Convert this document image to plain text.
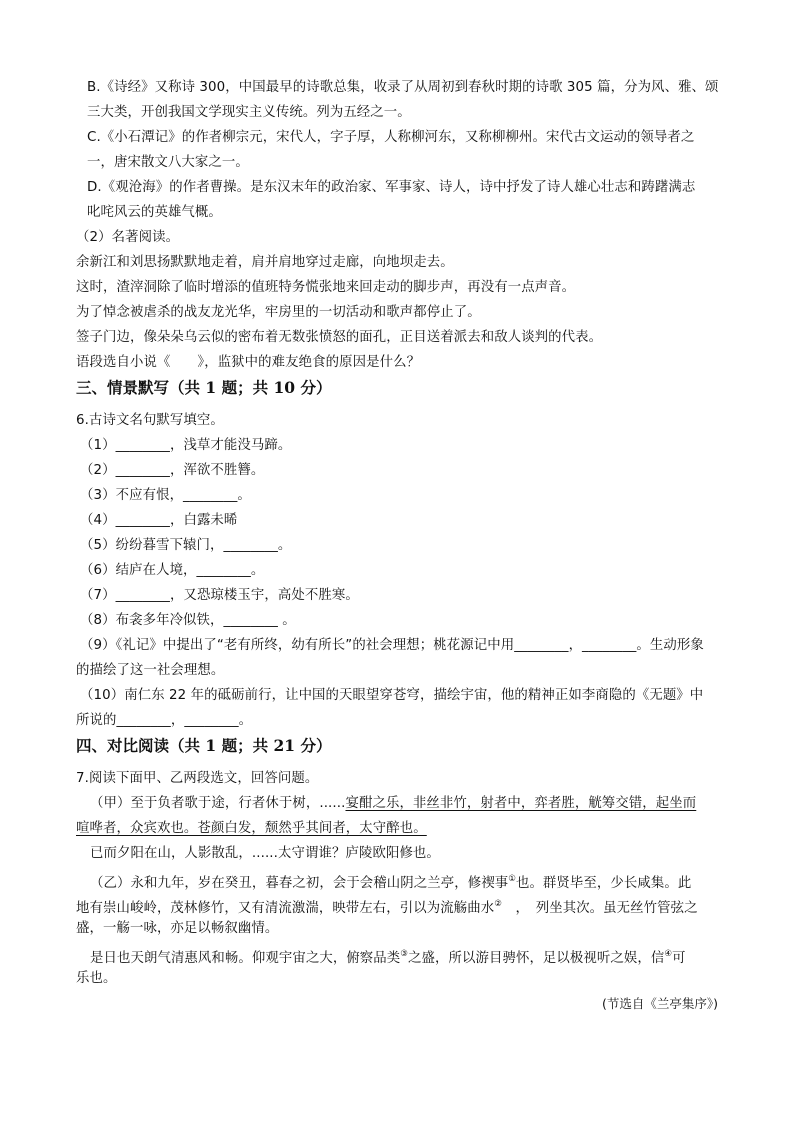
B.《诗经》又称诗 300，中国最早的诗歌总集，收录了从周初到春秋时期的诗歌 305 篇，分为风、雅、颂
三大类，开创我国文学现实主义传统。列为五经之一。
C.《小石潭记》的作者柳宗元，宋代人，字子厚，人称柳河东，又称柳柳州。宋代古文运动的领导者之
一，唐宋散文八大家之一。
D.《观沧海》的作者曹操。是东汉末年的政治家、军事家、诗人，诗中抒发了诗人雄心壮志和踌躇满志
叱咤风云的英雄气概。
（2）名著阅读。
余新江和刘思扬默默地走着，肩并肩地穿过走廊，向地坝走去。
这时，渣滓洞除了临时增添的值班特务慌张地来回走动的脚步声，再没有一点声音。
为了悼念被虐杀的战友龙光华，牢房里的一切活动和歌声都停止了。
签子门边，像朵朵乌云似的密布着无数张愤怒的面孔，正目送着派去和敌人谈判的代表。
语段选自小说《　　》，监狱中的难友绝食的原因是什么？
三、情景默写（共 1 题；共 10 分）
6.古诗文名句默写填空。
（1）________，浅草才能没马蹄。
（2）________，浑欲不胜簪。
（3）不应有恨，________。
（4）________，白露未晞
（5）纷纷暮雪下辕门，________。
（6）结庐在人境，________。
（7）________，又恐琼楼玉宇，高处不胜寒。
（8）布衾多年冷似铁，________ 。
（9）《礼记》中提出了“老有所终，幼有所长”的社会理想；桃花源记中用________，________。生动形象
的描绘了这一社会理想。
（10）南仁东 22 年的砥砺前行，让中国的天眼望穿苍穹，描绘宇宙，他的精神正如李商隐的《无题》中
所说的________，________。
四、对比阅读（共 1 题；共 21 分）
7.阅读下面甲、乙两段选文，回答问题。
（甲）至于负者歌于途，行者休于树，......宴酣之乐，非丝非竹，射者中，弈者胜，觥筹交错，起坐而
喧哗者，众宾欢也。苍颜白发，颓然乎其间者，太守醉也。
已而夕阳在山，人影散乱，......太守谓谁？庐陵欧阳修也。
（乙）永和九年，岁在癸丑，暮春之初，会于会稽山阴之兰亭，修禊事①也。群贤毕至，少长咸集。此
地有崇山峻岭，茂林修竹，又有清流激湍，映带左右，引以为流觞曲水②　，　列坐其次。虽无丝竹管弦之
盛，一觞一咏，亦足以畅叙幽情。
是日也天朗气清惠风和畅。仰观宇宙之大，俯察品类③之盛，所以游目骋怀，足以极视听之娱，信④可
乐也。
(节选自《兰亭集序》)
